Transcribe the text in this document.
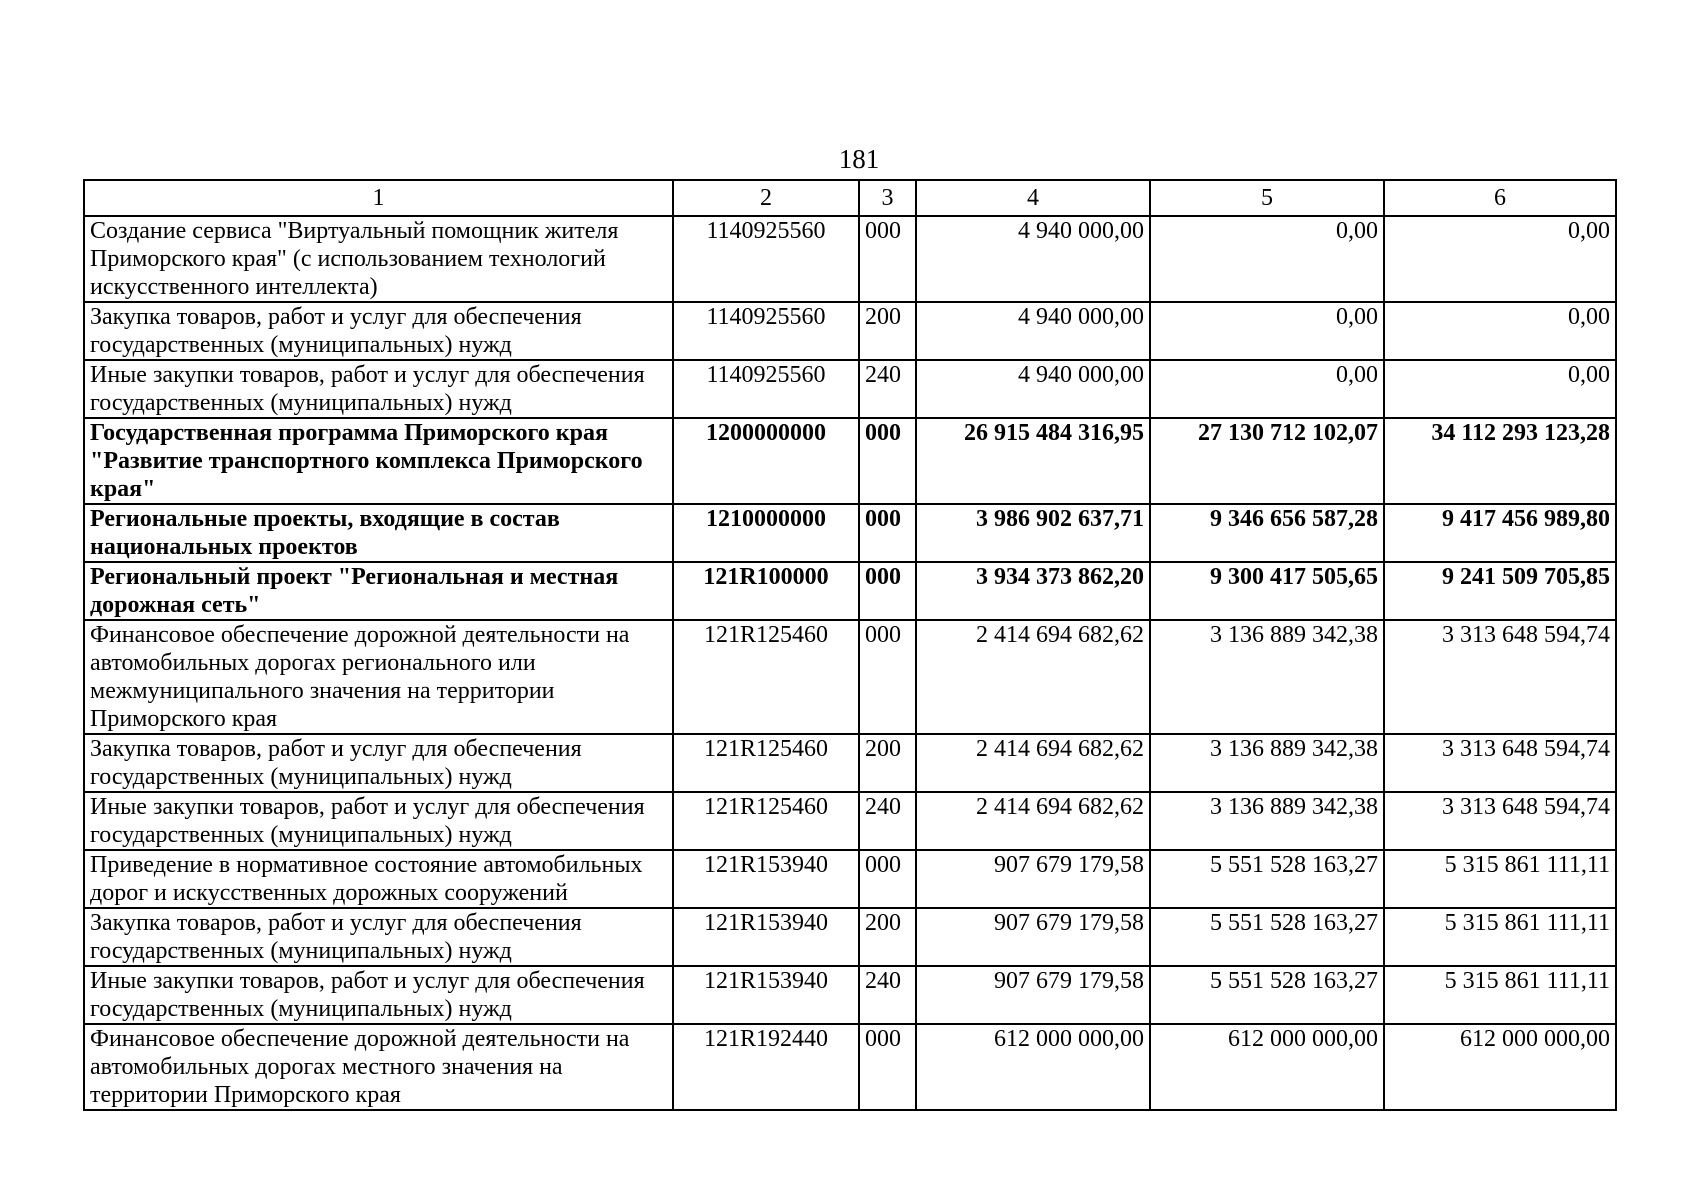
181
1	2	3	4	5	6
Создание сервиса "Виртуальный помощник жителя Приморского края" (с использованием технологий искусственного интеллекта)	1140925560	000	4 940 000,00	0,00	0,00
Закупка товаров, работ и услуг для обеспечения государственных (муниципальных) нужд	1140925560	200	4 940 000,00	0,00	0,00
Иные закупки товаров, работ и услуг для обеспечения государственных (муниципальных) нужд	1140925560	240	4 940 000,00	0,00	0,00
Государственная программа Приморского края "Развитие транспортного комплекса Приморского края"	1200000000	000	26 915 484 316,95	27 130 712 102,07	34 112 293 123,28
Региональные проекты, входящие в состав национальных проектов	1210000000	000	3 986 902 637,71	9 346 656 587,28	9 417 456 989,80
Региональный проект "Региональная и местная дорожная сеть"	121R100000	000	3 934 373 862,20	9 300 417 505,65	9 241 509 705,85
Финансовое обеспечение дорожной деятельности на автомобильных дорогах регионального или межмуниципального значения на территории Приморского края	121R125460	000	2 414 694 682,62	3 136 889 342,38	3 313 648 594,74
Закупка товаров, работ и услуг для обеспечения государственных (муниципальных) нужд	121R125460	200	2 414 694 682,62	3 136 889 342,38	3 313 648 594,74
Иные закупки товаров, работ и услуг для обеспечения государственных (муниципальных) нужд	121R125460	240	2 414 694 682,62	3 136 889 342,38	3 313 648 594,74
Приведение в нормативное состояние автомобильных дорог и искусственных дорожных сооружений	121R153940	000	907 679 179,58	5 551 528 163,27	5 315 861 111,11
Закупка товаров, работ и услуг для обеспечения государственных (муниципальных) нужд	121R153940	200	907 679 179,58	5 551 528 163,27	5 315 861 111,11
Иные закупки товаров, работ и услуг для обеспечения государственных (муниципальных) нужд	121R153940	240	907 679 179,58	5 551 528 163,27	5 315 861 111,11
Финансовое обеспечение дорожной деятельности на автомобильных дорогах местного значения на территории Приморского края	121R192440	000	612 000 000,00	612 000 000,00	612 000 000,00
